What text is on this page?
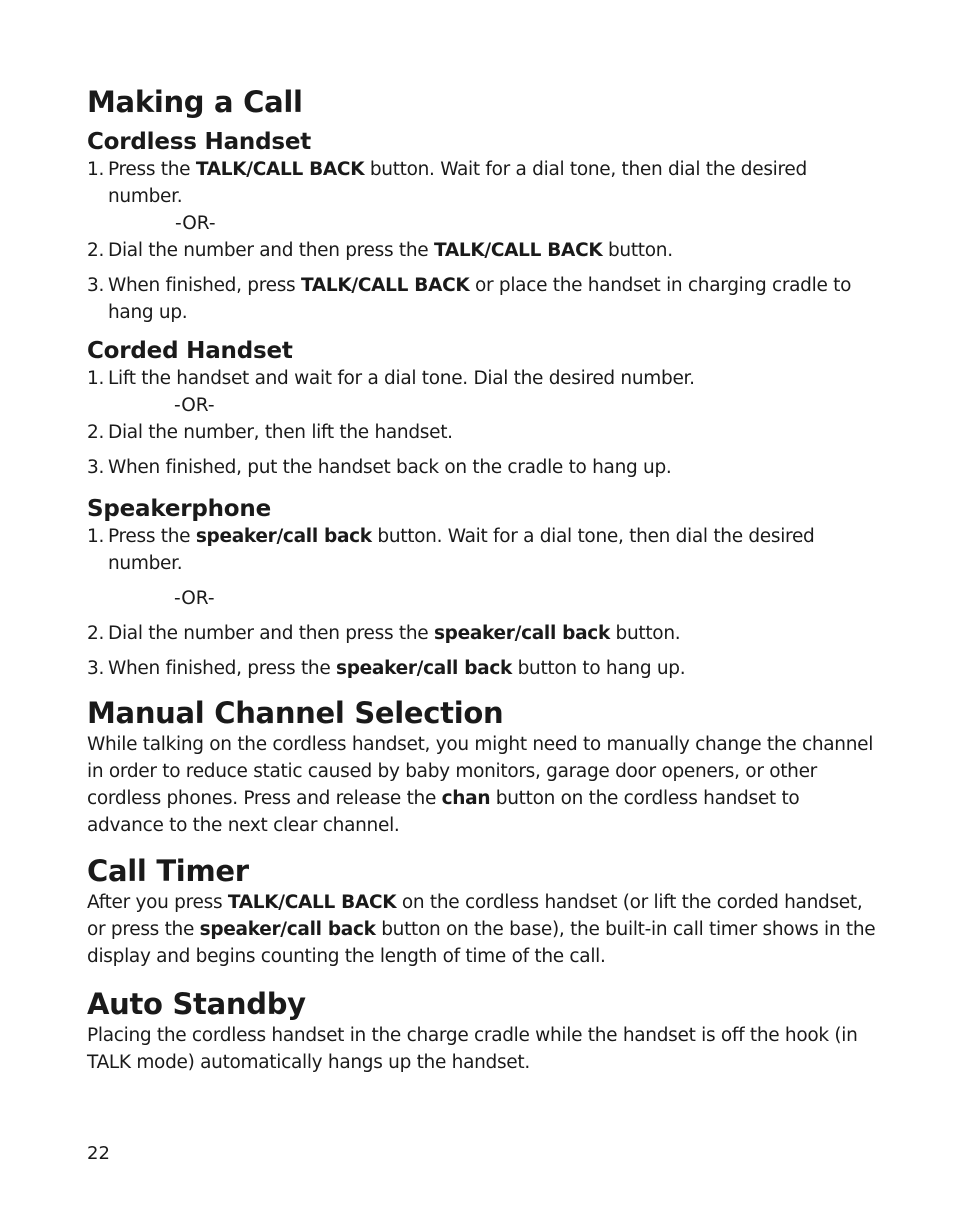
Making a Call
Cordless Handset
1. Press the TALK/CALL BACK button. Wait for a dial tone, then dial the desired number.
-OR-
2. Dial the number and then press the TALK/CALL BACK button.
3. When finished, press TALK/CALL BACK or place the handset in charging cradle to hang up.
Corded Handset
1. Lift the handset and wait for a dial tone. Dial the desired number.
-OR-
2. Dial the number, then lift the handset.
3. When finished, put the handset back on the cradle to hang up.
Speakerphone
1. Press the speaker/call back button. Wait for a dial tone, then dial the desired number.
-OR-
2. Dial the number and then press the speaker/call back button.
3. When finished, press the speaker/call back button to hang up.
Manual Channel Selection

While talking on the cordless handset, you might need to manually change the channel in order to reduce static caused by baby monitors, garage door openers, or other cordless phones. Press and release the chan button on the cordless handset to advance to the next clear channel.

Call Timer

After you press TALK/CALL BACK on the cordless handset (or lift the corded handset, or press the speaker/call back button on the base), the built-in call timer shows in the display and begins counting the length of time of the call.

Auto Standby

Placing the cordless handset in the charge cradle while the handset is off the hook (in TALK mode) automatically hangs up the handset.

22
